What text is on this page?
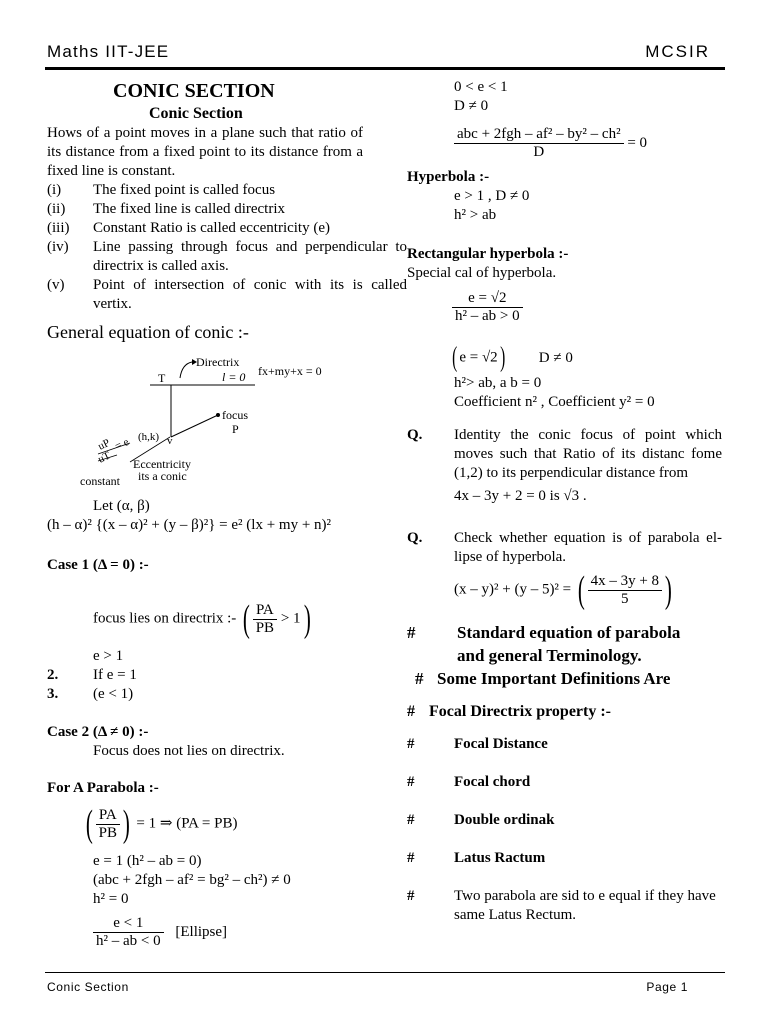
Maths IIT-JEE	MCSIR
Conic Section	Page 1
CONIC SECTION
Conic Section
Hows of a point moves in a plane such that ratio of its distance from a fixed point to its distance from a fixed line is constant.
(i) The fixed point is called focus
(ii) The fixed line is called directrix
(iii) Constant Ratio is called eccentricity (e)
(iv) Line passing through focus and perpendicular to directrix is called axis.
(v) Point of intersection of conic with its is called vertix.
General equation of conic :-
T
Directrix
l = 0 fx+my+x = 0
focus
P
(h,k) v
uP = e
uT Eccentricity
its a conic
constant
Let (α, β)
(h – α)² {(x – α)² + (y – β)²} = e² (lx + my + n)²
Case 1 (Δ = 0) :-
focus lies on directrix :- ( $\frac{PA}{PB} > 1$)
e > 1
2. If e = 1
3. (e < 1)
Case 2 (Δ ≠ 0) :-
Focus does not lies on directrix.
For A Parabola :-
( $\frac{PA}{PB}$ ) = 1 ⇒ (PA = PB)
e = 1 (h² – ab = 0)
(abc + 2fgh – af² = bg² – ch²) ≠ 0
h² = 0
$\frac{e < 1}{\text{h² – ab < 0}}$ [Ellipse]
0 < e < 1
D ≠ 0
$\frac{\text{abc + 2fgh – af² – by² – ch²}}{D} = 0$
Hyperbola :-
e > 1 , D ≠ 0
h² > ab
Rectangular hyperbola :-
Special cal of hyperbola.
$\frac{e = √2}{\text{h² – ab > 0}}$
( e = √2) D ≠ 0
h²> ab, a b = 0
Coefficient n² , Coefficient y² = 0
Q. Identity the conic focus of point which moves such that Ratio of its distanc fome (1,2) to its perpendicular distance from
4x – 3y + 2 = 0 is √3 .
Q. Check whether equation is of parabola el-lipse of hyperbola.
(x – y)² + (y – 5)² = ( $\frac{4x - 3y + 8}{5}$ )
# Standard equation of parabola
and general Terminology.
# Some Important Definitions Are
# Focal Directrix property :-
#	Focal Distance
#	Focal chord
#	Double ordinak
#	Latus Ractum
#	Two parabola are sid to e equal if they have same Latus Rectum.
